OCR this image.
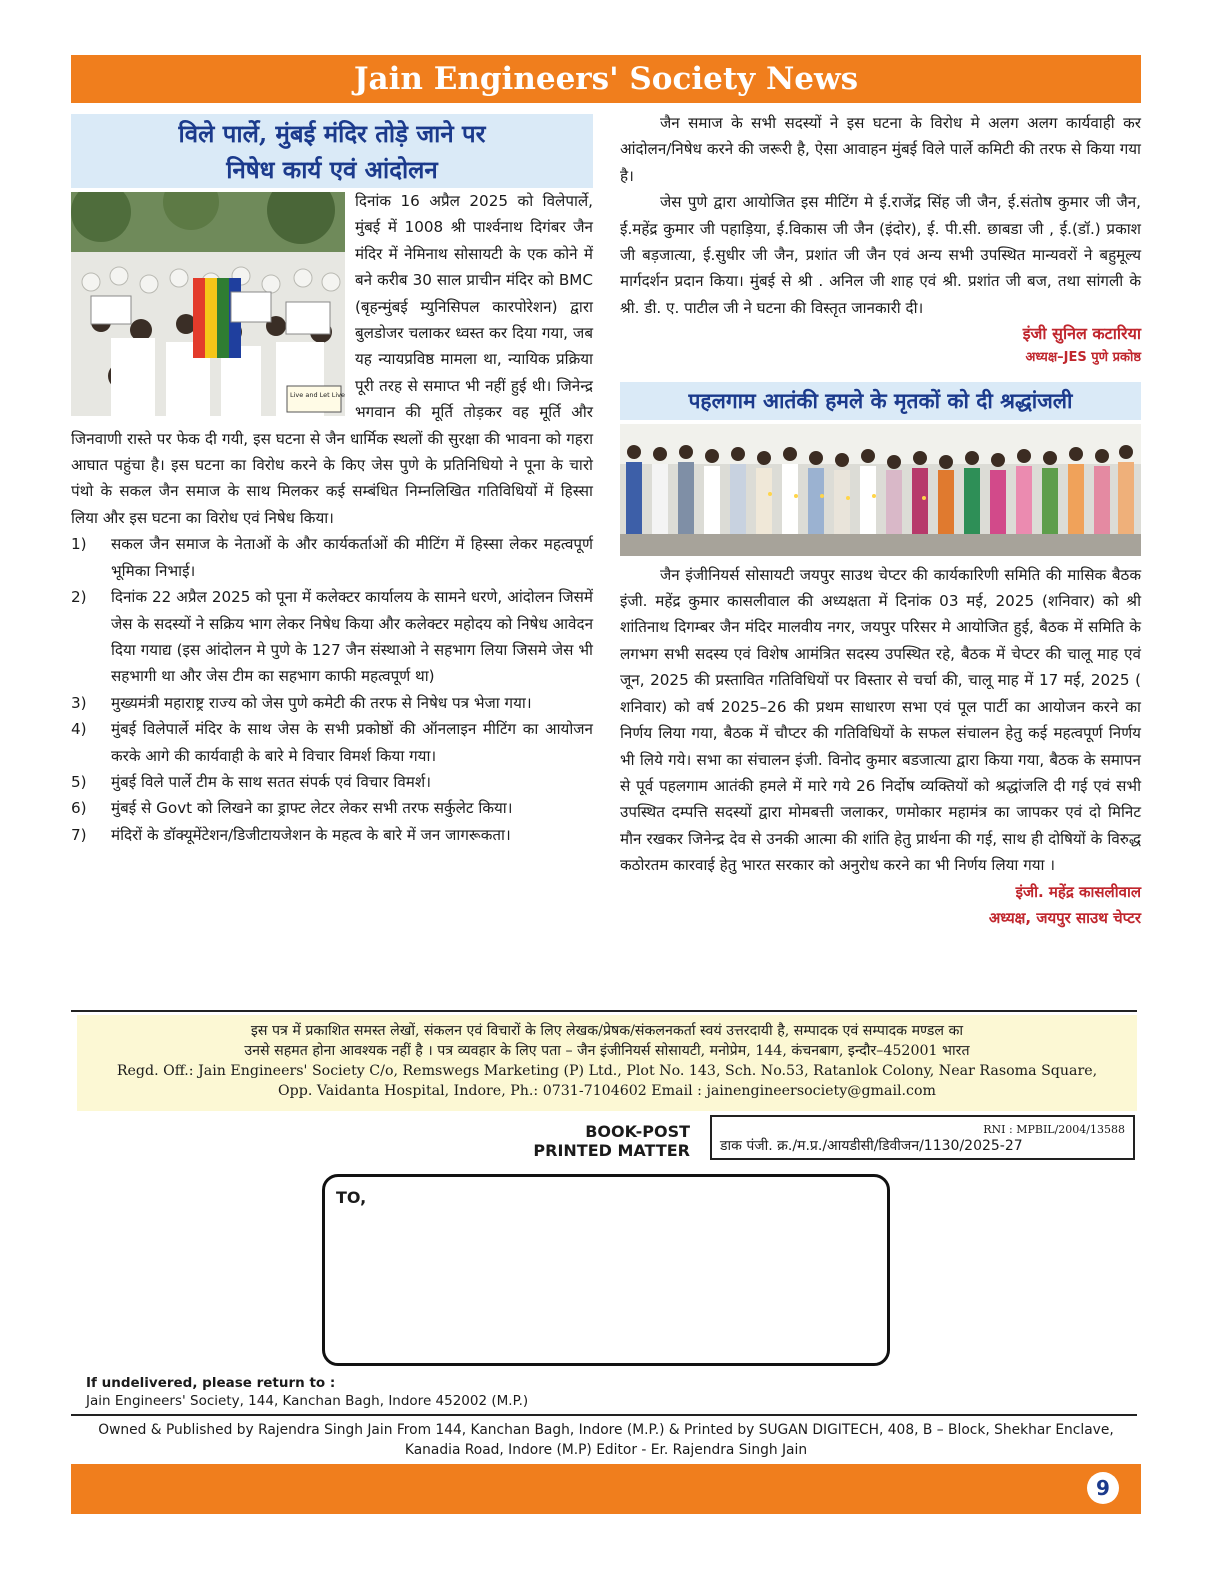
Jain Engineers' Society News
विले पार्ले, मुंबई मंदिर तोड़े जाने पर
निषेध कार्य एवं आंदोलन
Live and Let Live

दिनांक 16 अप्रैल 2025 को विलेपार्ले, मुंबई में 1008 श्री पार्श्वनाथ दिगंबर जैन मंदिर में नेमिनाथ सोसायटी के एक कोने में बने करीब 30 साल प्राचीन मंदिर को BMC (बृहन्मुंबई म्युनिसिपल कारपोरेशन) द्वारा बुलडोजर चलाकर ध्वस्त कर दिया गया, जब यह न्यायप्रविष्ठ मामला था, न्यायिक प्रक्रिया पूरी तरह से समाप्त भी नहीं हुई थी। जिनेन्द्र भगवान की मूर्ति तोड़कर वह मूर्ति और जिनवाणी रास्ते पर फेक दी गयी, इस घटना से जैन धार्मिक स्थलों की सुरक्षा की भावना को गहरा आघात पहुंचा है। इस घटना का विरोध करने के किए जेस पुणे के प्रतिनिधियो ने पूना के चारो पंथो के सकल जैन समाज के साथ मिलकर कई सम्बंधित निम्नलिखित गतिविधियों में हिस्सा लिया और इस घटना का विरोध एवं निषेध किया।

1) सकल जैन समाज के नेताओं के और कार्यकर्ताओं की मीटिंग में हिस्सा लेकर महत्वपूर्ण भूमिका निभाई।
2) दिनांक 22 अप्रैल 2025 को पूना में कलेक्टर कार्यालय के सामने धरणे, आंदोलन जिसमें जेस के सदस्यों ने सक्रिय भाग लेकर निषेध किया और कलेक्टर महोदय को निषेध आवेदन दिया गयाद्य (इस आंदोलन मे पुणे के 127 जैन संस्थाओ ने सहभाग लिया जिसमे जेस भी सहभागी था और जेस टीम का सहभाग काफी महत्वपूर्ण था)
3) मुख्यमंत्री महाराष्ट्र राज्य को जेस पुणे कमेटी की तरफ से निषेध पत्र भेजा गया।
4) मुंबई विलेपार्ले मंदिर के साथ जेस के सभी प्रकोष्ठों की ऑनलाइन मीटिंग का आयोजन करके आगे की कार्यवाही के बारे मे विचार विमर्श किया गया।
5) मुंबई विले पार्ले टीम के साथ सतत संपर्क एवं विचार विमर्श।
6) मुंबई से Govt को लिखने का ड्राफ्ट लेटर लेकर सभी तरफ सर्कुलेट किया।
7) मंदिरों के डॉक्यूमेंटेशन/डिजीटायजेशन के महत्व के बारे में जन जागरूकता।

जैन समाज के सभी सदस्यों ने इस घटना के विरोध मे अलग अलग कार्यवाही कर आंदोलन/निषेध करने की जरूरी है, ऐसा आवाहन मुंबई विले पार्ले कमिटी की तरफ से किया गया है।

जेस पुणे द्वारा आयोजित इस मीटिंग मे ई.राजेंद्र सिंह जी जैन, ई.संतोष कुमार जी जैन, ई.महेंद्र कुमार जी पहाड़िया, ई.विकास जी जैन (इंदोर), ई. पी.सी. छाबडा जी , ई.(डॉ.) प्रकाश जी बड़जात्या, ई.सुधीर जी जैन, प्रशांत जी जैन एवं अन्य सभी उपस्थित मान्यवरों ने बहुमूल्य मार्गदर्शन प्रदान किया। मुंबई से श्री . अनिल जी शाह एवं श्री. प्रशांत जी बज, तथा सांगली के श्री. डी. ए. पाटील जी ने घटना की विस्तृत जानकारी दी।

इंजी सुनिल कटारिया
अध्यक्ष–JES पुणे प्रकोष्ठ
पहलगाम आतंकी हमले के मृतकों को दी श्रद्धांजली

जैन इंजीनियर्स सोसायटी जयपुर साउथ चेप्टर की कार्यकारिणी समिति की मासिक बैठक इंजी. महेंद्र कुमार कासलीवाल की अध्यक्षता में दिनांक 03 मई, 2025 (शनिवार) को श्री शांतिनाथ दिगम्बर जैन मंदिर मालवीय नगर, जयपुर परिसर मे आयोजित हुई, बैठक में समिति के लगभग सभी सदस्य एवं विशेष आमंत्रित सदस्य उपस्थित रहे, बैठक में चेप्टर की चालू माह एवं जून, 2025 की प्रस्तावित गतिविधियों पर विस्तार से चर्चा की, चालू माह में 17 मई, 2025 ( शनिवार) को वर्ष 2025–26 की प्रथम साधारण सभा एवं पूल पार्टी का आयोजन करने का निर्णय लिया गया, बैठक में चौप्टर की गतिविधियों के सफल संचालन हेतु कई महत्वपूर्ण निर्णय भी लिये गये। सभा का संचालन इंजी. विनोद कुमार बडजात्या द्वारा किया गया, बैठक के समापन से पूर्व पहलगाम आतंकी हमले में मारे गये 26 निर्दोष व्यक्तियों को श्रद्धांजलि दी गई एवं सभी उपस्थित दम्पत्ति सदस्यों द्वारा मोमबत्ती जलाकर, णमोकार महामंत्र का जापकर एवं दो मिनिट मौन रखकर जिनेन्द्र देव से उनकी आत्मा की शांति हेतु प्रार्थना की गई, साथ ही दोषियों के विरुद्ध कठोरतम कारवाई हेतु भारत सरकार को अनुरोध करने का भी निर्णय लिया गया ।

इंजी. महेंद्र कासलीवाल
अध्यक्ष, जयपुर साउथ चेप्टर
इस पत्र में प्रकाशित समस्त लेखों, संकलन एवं विचारों के लिए लेखक/प्रेषक/संकलनकर्ता स्वयं उत्तरदायी है, सम्पादक एवं सम्पादक मण्डल का
उनसे सहमत होना आवश्यक नहीं है । पत्र व्यवहार के लिए पता – जैन इंजीनियर्स सोसायटी, मनोप्रेम, 144, कंचनबाग, इन्दौर–452001 भारत
Regd. Off.: Jain Engineers' Society C/o, Remswegs Marketing (P) Ltd., Plot No. 143, Sch. No.53, Ratanlok Colony, Near Rasoma Square,
Opp. Vaidanta Hospital, Indore, Ph.: 0731-7104602 Email : jainengineersociety@gmail.com
BOOK-POST
PRINTED MATTER
RNI : MPBIL/2004/13588
डाक पंजी. क्र./म.प्र./आयडीसी/डिवीजन/1130/2025-27
TO,
If undelivered, please return to :
Jain Engineers' Society, 144, Kanchan Bagh, Indore 452002 (M.P.)
Owned & Published by Rajendra Singh Jain From 144, Kanchan Bagh, Indore (M.P.) & Printed by SUGAN DIGITECH, 408, B – Block, Shekhar Enclave,
Kanadia Road, Indore (M.P) Editor - Er. Rajendra Singh Jain
9
